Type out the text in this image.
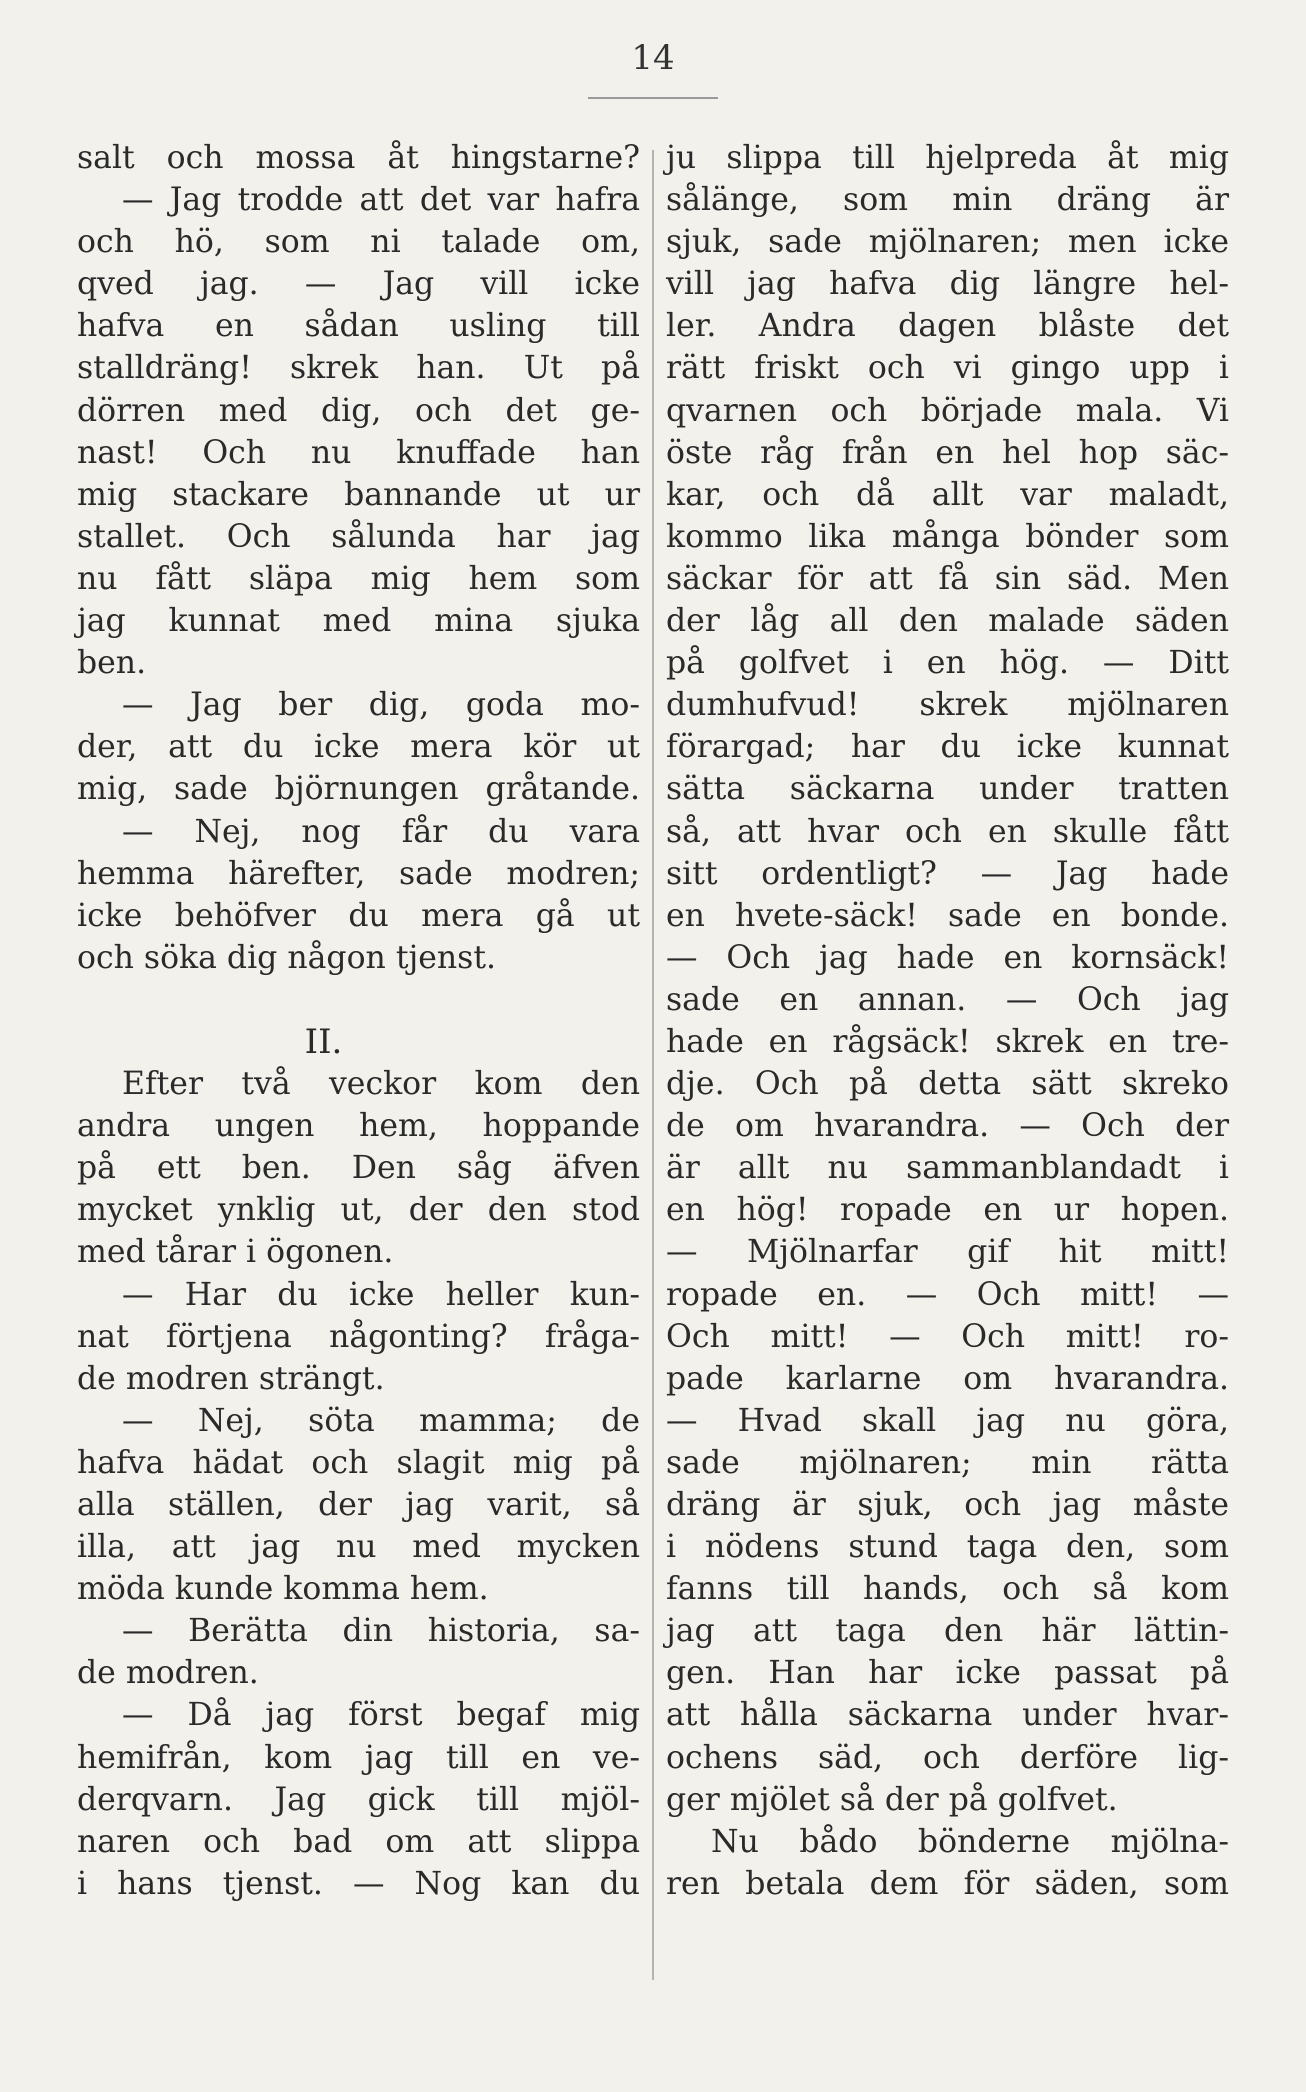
14
salt och mossa åt hingstarne?
— Jag trodde att det var hafra
och hö, som ni talade om,
qved jag. — Jag vill icke
hafva en sådan usling till
stalldräng! skrek han. Ut på
dörren med dig, och det ge-
nast! Och nu knuffade han
mig stackare bannande ut ur
stallet. Och sålunda har jag
nu fått släpa mig hem som
jag kunnat med mina sjuka
ben.
— Jag ber dig, goda mo-
der, att du icke mera kör ut
mig, sade björnungen gråtande.
— Nej, nog får du vara
hemma härefter, sade modren;
icke behöfver du mera gå ut
och söka dig någon tjenst.
II.
Efter två veckor kom den
andra ungen hem, hoppande
på ett ben. Den såg äfven
mycket ynklig ut, der den stod
med tårar i ögonen.
— Har du icke heller kun-
nat förtjena någonting? fråga-
de modren strängt.
— Nej, söta mamma; de
hafva hädat och slagit mig på
alla ställen, der jag varit, så
illa, att jag nu med mycken
möda kunde komma hem.
— Berätta din historia, sa-
de modren.
— Då jag först begaf mig
hemifrån, kom jag till en ve-
derqvarn. Jag gick till mjöl-
naren och bad om att slippa
i hans tjenst. — Nog kan du
ju slippa till hjelpreda åt mig
sålänge, som min dräng är
sjuk, sade mjölnaren; men icke
vill jag hafva dig längre hel-
ler. Andra dagen blåste det
rätt friskt och vi gingo upp i
qvarnen och började mala. Vi
öste råg från en hel hop säc-
kar, och då allt var maladt,
kommo lika många bönder som
säckar för att få sin säd. Men
der låg all den malade säden
på golfvet i en hög. — Ditt
dumhufvud! skrek mjölnaren
förargad; har du icke kunnat
sätta säckarna under tratten
så, att hvar och en skulle fått
sitt ordentligt? — Jag hade
en hvete-säck! sade en bonde.
— Och jag hade en kornsäck!
sade en annan. — Och jag
hade en rågsäck! skrek en tre-
dje. Och på detta sätt skreko
de om hvarandra. — Och der
är allt nu sammanblandadt i
en hög! ropade en ur hopen.
— Mjölnarfar gif hit mitt!
ropade en. — Och mitt! —
Och mitt! — Och mitt! ro-
pade karlarne om hvarandra.
— Hvad skall jag nu göra,
sade mjölnaren; min rätta
dräng är sjuk, och jag måste
i nödens stund taga den, som
fanns till hands, och så kom
jag att taga den här lättin-
gen. Han har icke passat på
att hålla säckarna under hvar-
ochens säd, och derföre lig-
ger mjölet så der på golfvet.
Nu bådo bönderne mjölna-
ren betala dem för säden, som
